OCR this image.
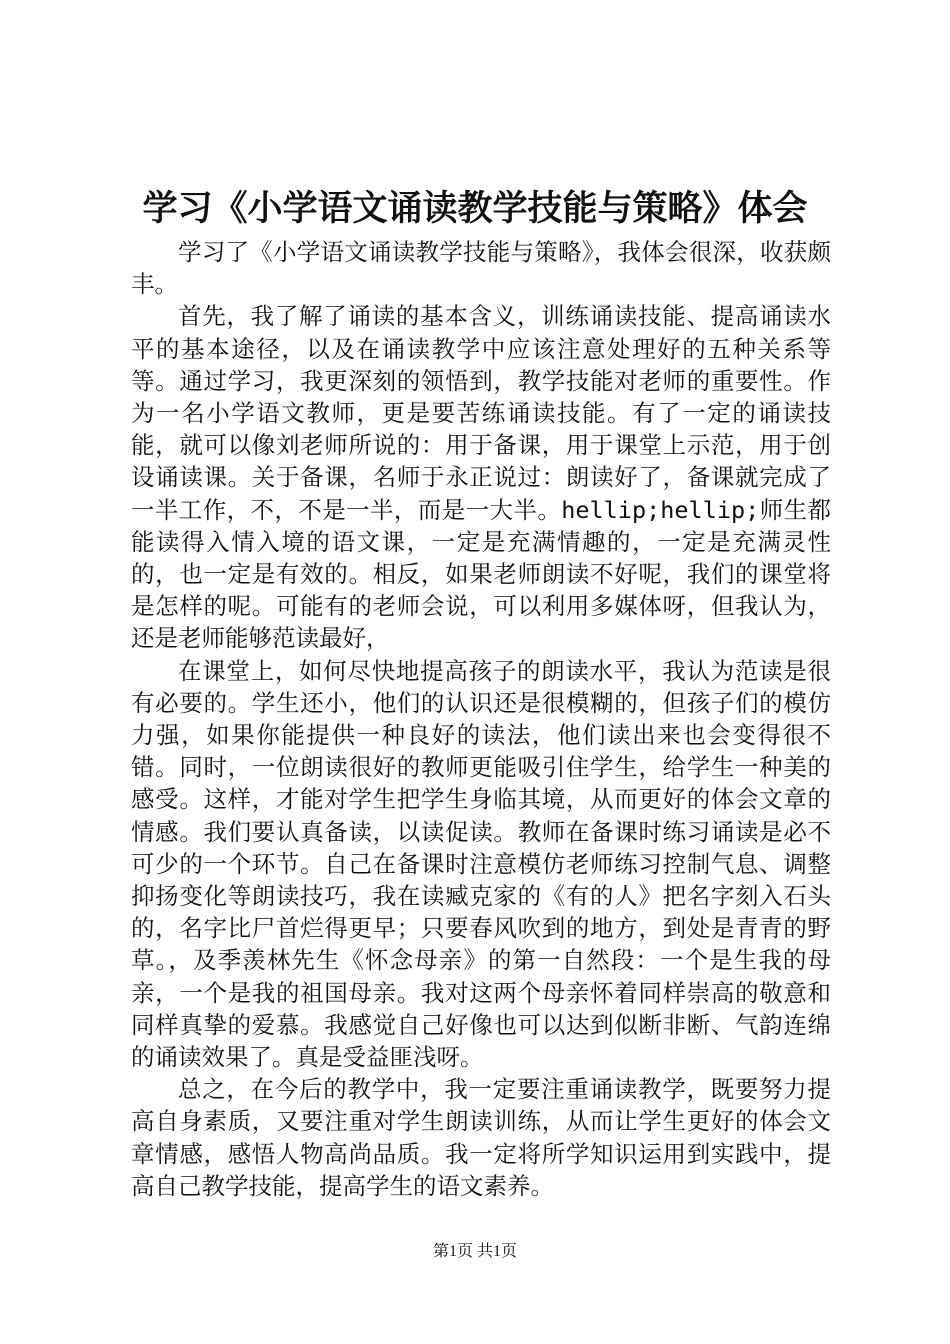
学习《小学语文诵读教学技能与策略》体会

学习了《小学语文诵读教学技能与策略》，我体会很深，收获颇丰。

首先，我了解了诵读的基本含义，训练诵读技能、提高诵读水平的基本途径，以及在诵读教学中应该注意处理好的五种关系等等。通过学习，我更深刻的领悟到，教学技能对老师的重要性。作为一名小学语文教师，更是要苦练诵读技能。有了一定的诵读技能，就可以像刘老师所说的：用于备课，用于课堂上示范，用于创设诵读课。关于备课，名师于永正说过：朗读好了，备课就完成了一半工作，不，不是一半，而是一大半。hellip;hellip;师生都能读得入情入境的语文课，一定是充满情趣的，一定是充满灵性的，也一定是有效的。相反，如果老师朗读不好呢，我们的课堂将是怎样的呢。可能有的老师会说，可以利用多媒体呀，但我认为，还是老师能够范读最好，

在课堂上，如何尽快地提高孩子的朗读水平，我认为范读是很有必要的。学生还小，他们的认识还是很模糊的，但孩子们的模仿力强，如果你能提供一种良好的读法，他们读出来也会变得很不错。同时，一位朗读很好的教师更能吸引住学生，给学生一种美的感受。这样，才能对学生把学生身临其境，从而更好的体会文章的情感。我们要认真备读，以读促读。教师在备课时练习诵读是必不可少的一个环节。自己在备课时注意模仿老师练习控制气息、调整抑扬变化等朗读技巧，我在读臧克家的《有的人》把名字刻入石头的，名字比尸首烂得更早；只要春风吹到的地方，到处是青青的野草。，及季羡林先生《怀念母亲》的第一自然段：一个是生我的母亲，一个是我的祖国母亲。我对这两个母亲怀着同样崇高的敬意和同样真挚的爱慕。我感觉自己好像也可以达到似断非断、气韵连绵的诵读效果了。真是受益匪浅呀。

总之，在今后的教学中，我一定要注重诵读教学，既要努力提高自身素质，又要注重对学生朗读训练，从而让学生更好的体会文章情感，感悟人物高尚品质。我一定将所学知识运用到实践中，提高自己教学技能，提高学生的语文素养。

第1页 共1页
